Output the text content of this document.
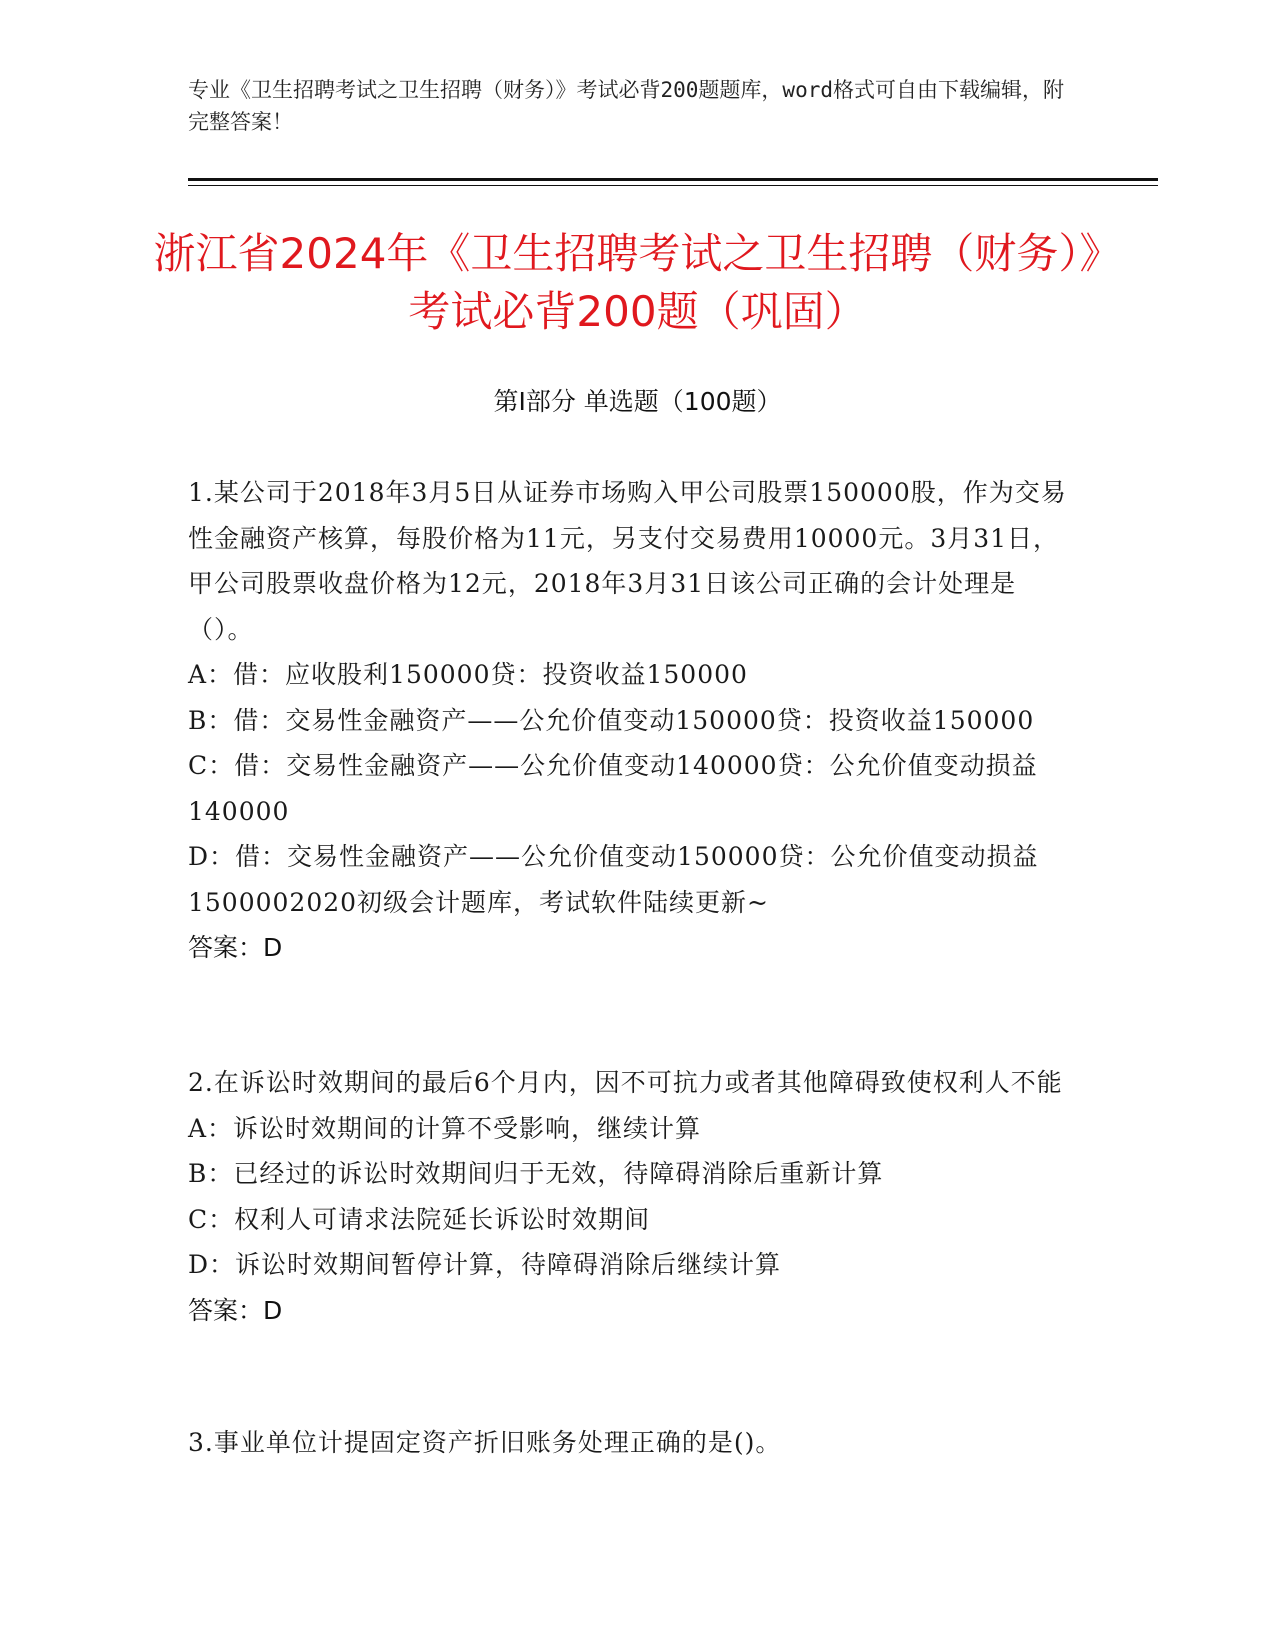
专业《卫生招聘考试之卫生招聘（财务）》考试必背200题题库，word格式可自由下载编辑，附完整答案！
浙江省2024年《卫生招聘考试之卫生招聘（财务）》考试必背200题（巩固）
第Ⅰ部分 单选题（100题）

1.某公司于2018年3月5日从证券市场购入甲公司股票150000股，作为交易性金融资产核算，每股价格为11元，另支付交易费用10000元。3月31日，甲公司股票收盘价格为12元，2018年3月31日该公司正确的会计处理是（）。

A：借：应收股利150000贷：投资收益150000

B：借：交易性金融资产——公允价值变动150000贷：投资收益150000

C：借：交易性金融资产——公允价值变动140000贷：公允价值变动损益140000

D：借：交易性金融资产——公允价值变动150000贷：公允价值变动损益1500002020初级会计题库，考试软件陆续更新~

答案：D

2.在诉讼时效期间的最后6个月内，因不可抗力或者其他障碍致使权利人不能

A：诉讼时效期间的计算不受影响，继续计算

B：已经过的诉讼时效期间归于无效，待障碍消除后重新计算

C：权利人可请求法院延长诉讼时效期间

D：诉讼时效期间暂停计算，待障碍消除后继续计算

答案：D

3.事业单位计提固定资产折旧账务处理正确的是()。
